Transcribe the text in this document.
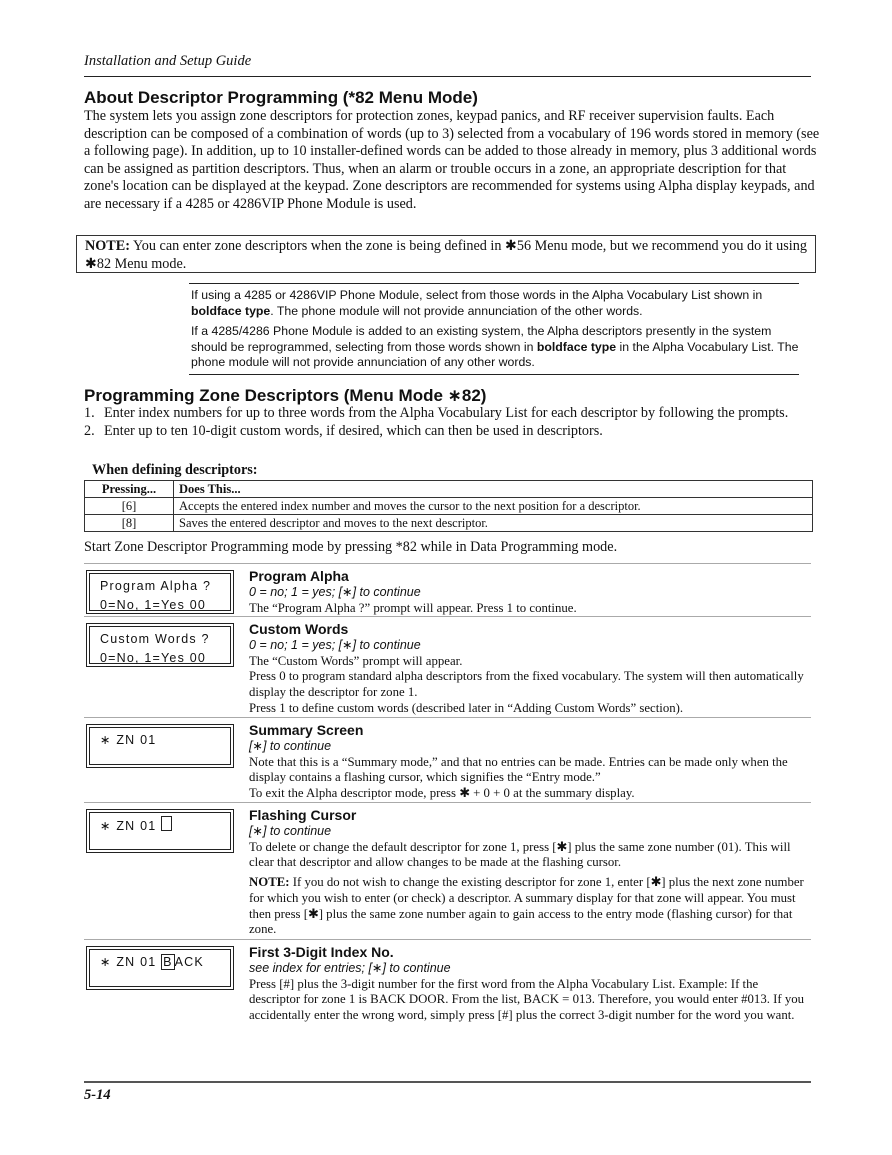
Installation and Setup Guide
About Descriptor Programming (*82 Menu Mode)
The system lets you assign zone descriptors for protection zones, keypad panics, and RF receiver supervision faults. Each description can be composed of a combination of words (up to 3) selected from a vocabulary of 196 words stored in memory (see a following page). In addition, up to 10 installer-defined words can be added to those already in memory, plus 3 additional words can be assigned as partition descriptors. Thus, when an alarm or trouble occurs in a zone, an appropriate description for that zone's location can be displayed at the keypad. Zone descriptors are recommended for systems using Alpha display keypads, and are necessary if a 4285 or 4286VIP Phone Module is used.
NOTE: You can enter zone descriptors when the zone is being defined in ✱56 Menu mode, but we recommend you do it using ✱82 Menu mode.

If using a 4285 or 4286VIP Phone Module, select from those words in the Alpha Vocabulary List shown in boldface type. The phone module will not provide annunciation of the other words.

If a 4285/4286 Phone Module is added to an existing system, the Alpha descriptors presently in the system should be reprogrammed, selecting from those words shown in boldface type in the Alpha Vocabulary List. The phone module will not provide annunciation of any other words.

Programming Zone Descriptors (Menu Mode ∗82)
1. Enter index numbers for up to three words from the Alpha Vocabulary List for each descriptor by following the prompts.
2. Enter up to ten 10-digit custom words, if desired, which can then be used in descriptors.
When defining descriptors:
Pressing...	Does This...
[6]	Accepts the entered index number and moves the cursor to the next position for a descriptor.
[8]	Saves the entered descriptor and moves to the next descriptor.
Start Zone Descriptor Programming mode by pressing *82 while in Data Programming mode.
Program Alpha ?
0=No, 1=Yes 00
Program Alpha
0 = no; 1 = yes; [∗] to continue

The “Program Alpha ?” prompt will appear. Press 1 to continue.

Custom Words ?
0=No, 1=Yes 00
Custom Words
0 = no; 1 = yes; [∗] to continue

The “Custom Words” prompt will appear.

Press 0 to program standard alpha descriptors from the fixed vocabulary. The system will then automatically display the descriptor for zone 1.

Press 1 to define custom words (described later in “Adding Custom Words” section).

∗ ZN 01
Summary Screen
[∗] to continue

Note that this is a “Summary mode,” and that no entries can be made. Entries can be made only when the display contains a flashing cursor, which signifies the “Entry mode.”

To exit the Alpha descriptor mode, press ✱ + 0 + 0 at the summary display.

∗ ZN 01
Flashing Cursor
[∗] to continue

To delete or change the default descriptor for zone 1, press [✱] plus the same zone number (01). This will clear that descriptor and allow changes to be made at the flashing cursor.

NOTE: If you do not wish to change the existing descriptor for zone 1, enter [✱] plus the next zone number for which you wish to enter (or check) a descriptor. A summary display for that zone will appear. You must then press [✱] plus the same zone number again to gain access to the entry mode (flashing cursor) for that zone.

∗ ZN 01 B ACK
First 3-Digit Index No.
see index for entries; [∗] to continue

Press [#] plus the 3-digit number for the first word from the Alpha Vocabulary List. Example: If the descriptor for zone 1 is BACK DOOR. From the list, BACK = 013. Therefore, you would enter #013. If you accidentally enter the wrong word, simply press [#] plus the correct 3-digit number for the word you want.

5-14
